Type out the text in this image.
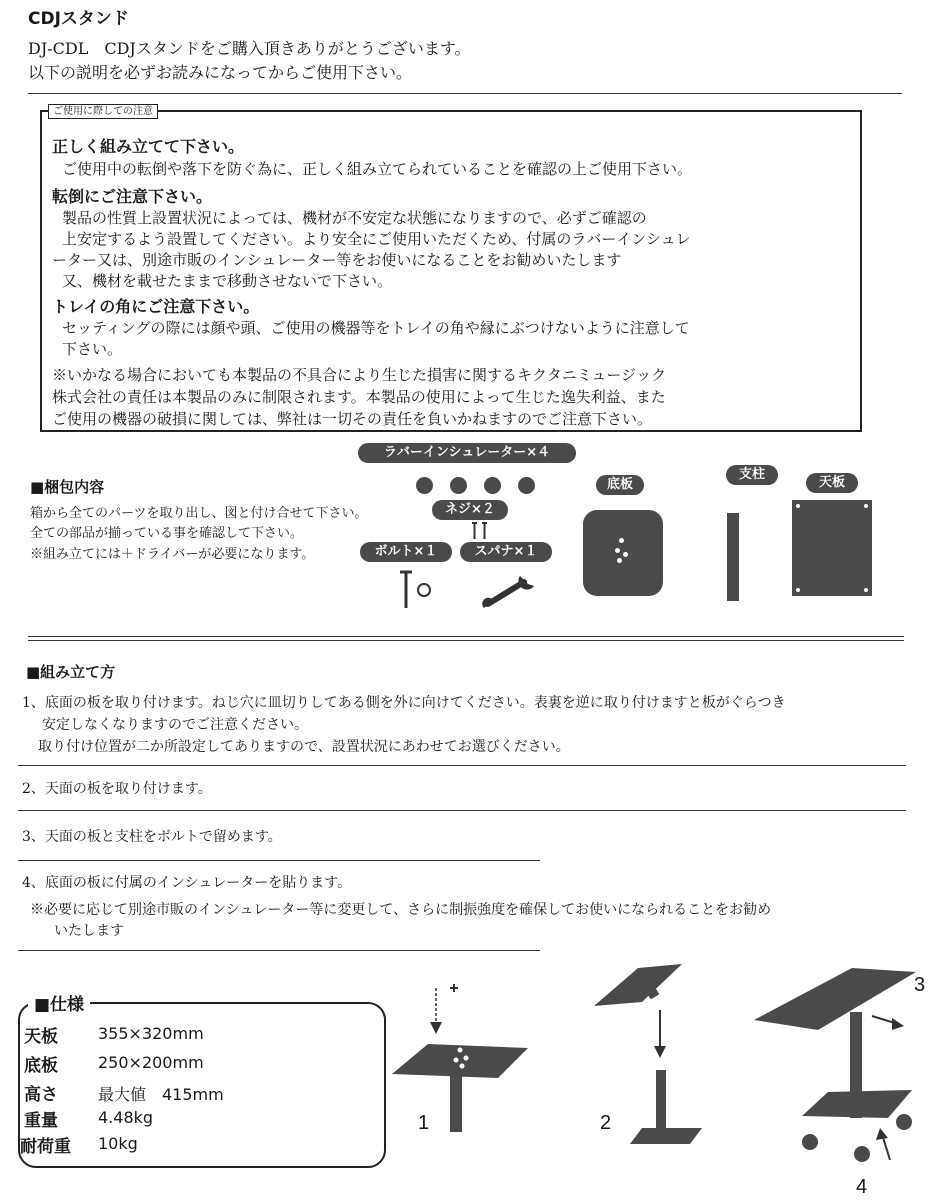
CDJスタンド
DJ-CDL　CDJスタンドをご購入頂きありがとうございます。
以下の説明を必ずお読みになってからご使用下さい。
ご使用に際しての注意
正しく組み立てて下さい。
ご使用中の転倒や落下を防ぐ為に、正しく組み立てられていることを確認の上ご使用下さい。
転倒にご注意下さい。
製品の性質上設置状況によっては、機材が不安定な状態になりますので、必ずご確認の
上安定するよう設置してください。より安全にご使用いただくため、付属のラバーインシュレ
ーター又は、別途市販のインシュレーター等をお使いになることをお勧めいたします
又、機材を載せたままで移動させないで下さい。
トレイの角にご注意下さい。
セッティングの際には顔や頭、ご使用の機器等をトレイの角や縁にぶつけないように注意して
下さい。
※いかなる場合においても本製品の不具合により生じた損害に関するキクタニミュージック
株式会社の責任は本製品のみに制限されます。本製品の使用によって生じた逸失利益、また
ご使用の機器の破損に関しては、弊社は一切その責任を負いかねますのでご注意下さい。
■梱包内容
箱から全てのパーツを取り出し、図と付け合せて下さい。
全ての部品が揃っている事を確認して下さい。
※組み立てには＋ドライバーが必要になります。
ラバーインシュレーター×４
ネジ×２
ボルト×１	スパナ×１
底板
支柱
天板
■組み立て方
1、底面の板を取り付けます。ねじ穴に皿切りしてある側を外に向けてください。表裏を逆に取り付けますと板がぐらつき
安定しなくなりますのでご注意ください。
取り付け位置が二か所設定してありますので、設置状況にあわせてお選びください。
2、天面の板を取り付けます。
3、天面の板と支柱をボルトで留めます。
4、底面の板に付属のインシュレーターを貼ります。
※必要に応じて別途市販のインシュレーター等に変更して、さらに制振強度を確保してお使いになられることをお勧め
いたします
■仕様
天板	355×320mm
底板	250×200mm
高さ	最大値　415mm
重量	4.48kg
耐荷重 10kg
1	2
3
4
